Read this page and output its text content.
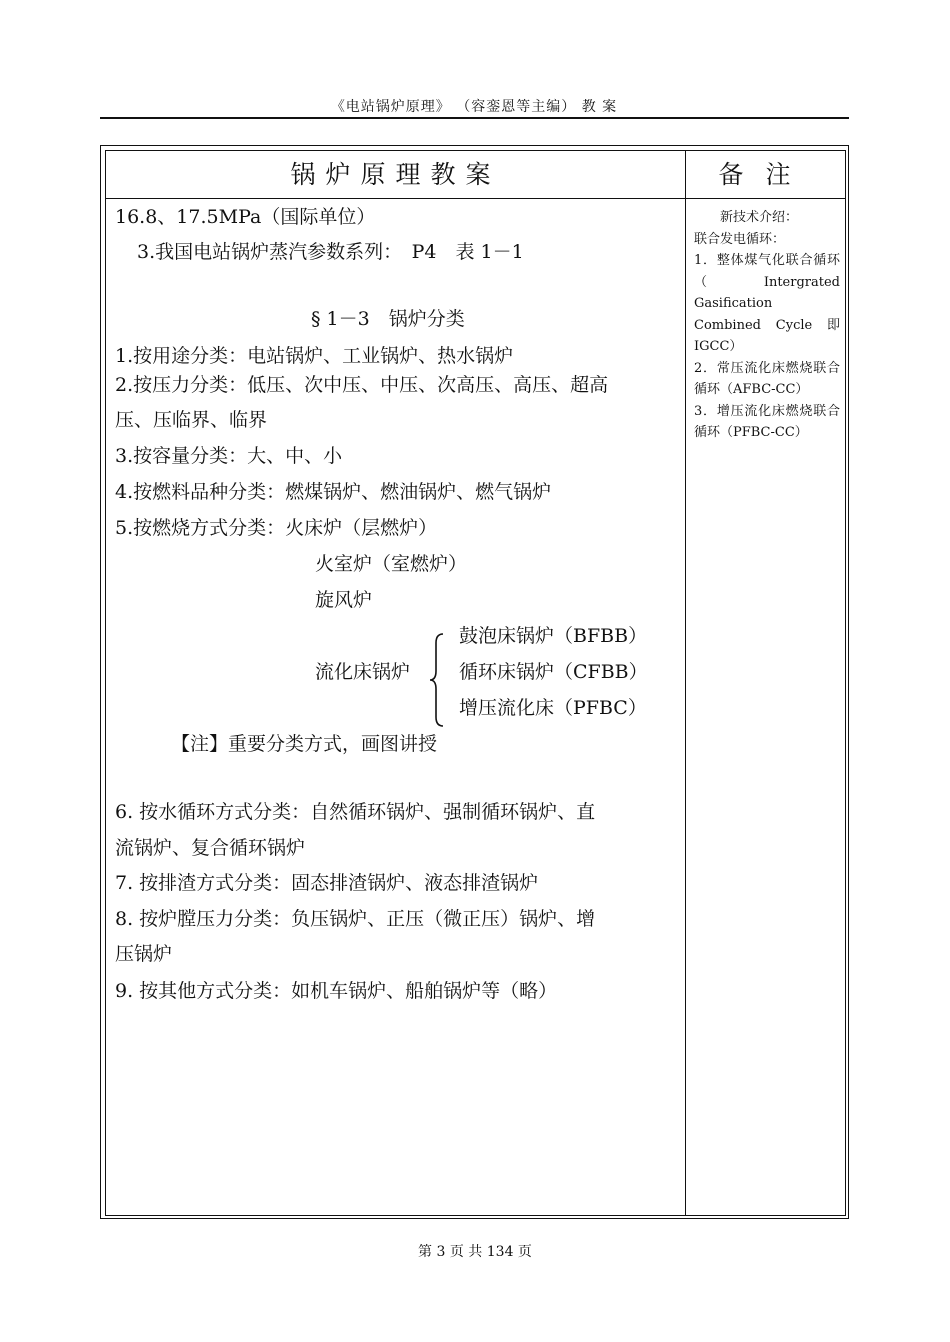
《电站锅炉原理》 （容銮恩等主编） 教 案
锅炉原理教案	备注
16.8、17.5MPa（国际单位）
3.我国电站锅炉蒸汽参数系列：　P4　表 1－1
§ 1－3　锅炉分类
1.按用途分类：电站锅炉、工业锅炉、热水锅炉
2.按压力分类：低压、次中压、中压、次高压、高压、超高
压、压临界、临界
3.按容量分类：大、中、小
4.按燃料品种分类：燃煤锅炉、燃油锅炉、燃气锅炉
5.按燃烧方式分类：火床炉（层燃炉）
火室炉（室燃炉）
旋风炉
流化床锅炉
鼓泡床锅炉（BFBB）
循环床锅炉（CFBB）
增压流化床（PFBC）
【注】重要分类方式，画图讲授
6. 按水循环方式分类：自然循环锅炉、强制循环锅炉、直
流锅炉、复合循环锅炉
7. 按排渣方式分类：固态排渣锅炉、液态排渣锅炉
8. 按炉膛压力分类：负压锅炉、正压（微正压）锅炉、增
压锅炉
9. 按其他方式分类：如机车锅炉、船舶锅炉等（略）
新技术介绍：
联合发电循环：
1．整体煤气化联合循环（Intergrated Gasification Combined Cycle 即IGCC）
2．常压流化床燃烧联合循环（AFBC-CC）
3．增压流化床燃烧联合循环（PFBC-CC）
第 3 页 共 134 页
